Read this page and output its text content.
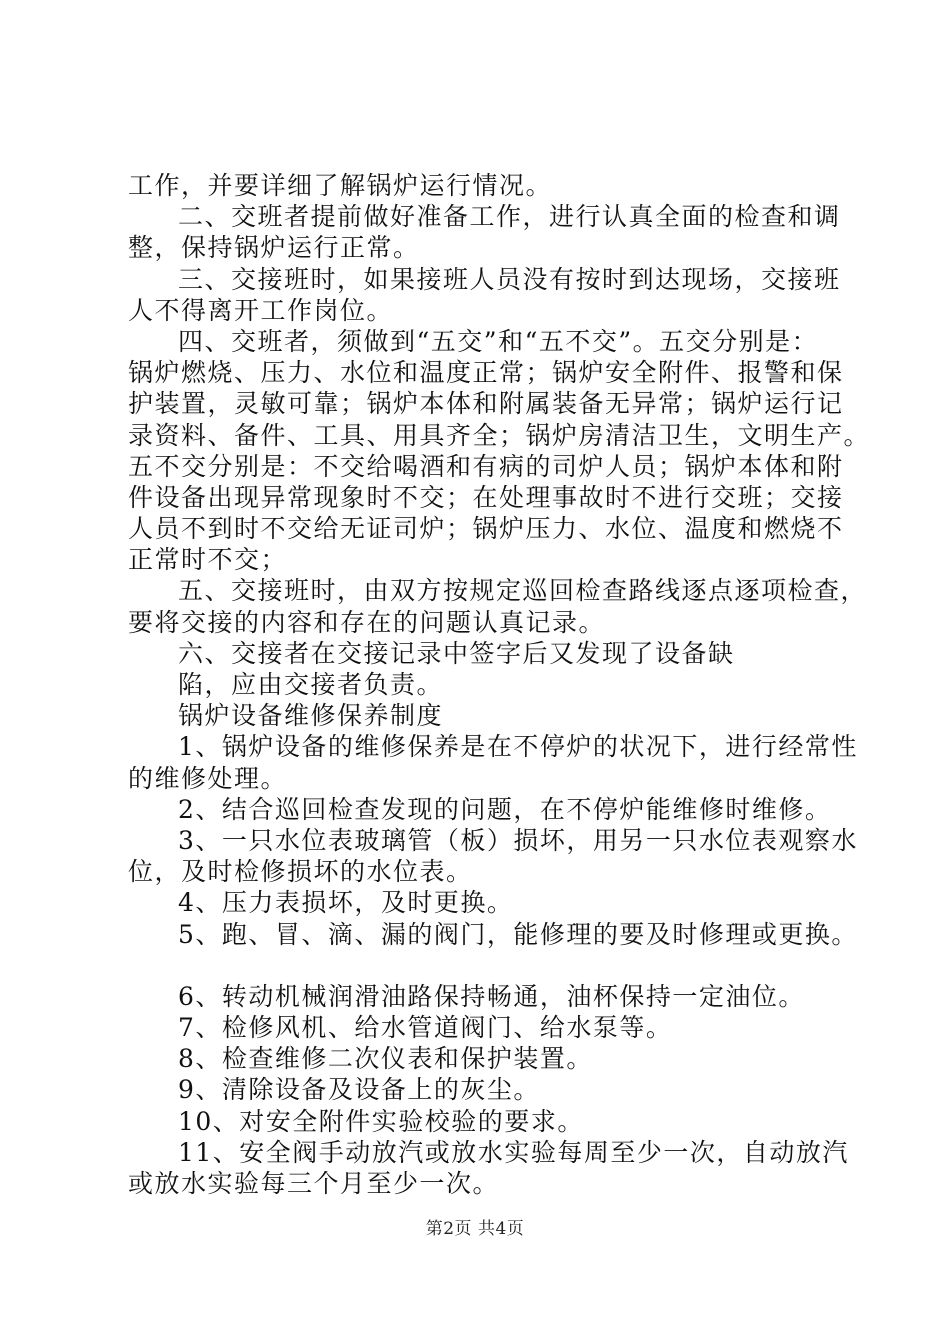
工作，并要详细了解锅炉运行情况。
二、交班者提前做好准备工作，进行认真全面的检查和调
整，保持锅炉运行正常。
三、交接班时，如果接班人员没有按时到达现场，交接班
人不得离开工作岗位。
四、交班者，须做到“五交”和“五不交”。五交分别是：
锅炉燃烧、压力、水位和温度正常；锅炉安全附件、报警和保
护装置，灵敏可靠；锅炉本体和附属装备无异常；锅炉运行记
录资料、备件、工具、用具齐全；锅炉房清洁卫生，文明生产。
五不交分别是：不交给喝酒和有病的司炉人员；锅炉本体和附
件设备出现异常现象时不交；在处理事故时不进行交班；交接
人员不到时不交给无证司炉；锅炉压力、水位、温度和燃烧不
正常时不交；
五、交接班时，由双方按规定巡回检查路线逐点逐项检查，
要将交接的内容和存在的问题认真记录。
六、交接者在交接记录中签字后又发现了设备缺
陷，应由交接者负责。
锅炉设备维修保养制度
1、锅炉设备的维修保养是在不停炉的状况下，进行经常性
的维修处理。
2、结合巡回检查发现的问题，在不停炉能维修时维修。
3、一只水位表玻璃管（板）损坏，用另一只水位表观察水
位，及时检修损坏的水位表。
4、压力表损坏，及时更换。
5、跑、冒、滴、漏的阀门，能修理的要及时修理或更换。
6、转动机械润滑油路保持畅通，油杯保持一定油位。
7、检修风机、给水管道阀门、给水泵等。
8、检查维修二次仪表和保护装置。
9、清除设备及设备上的灰尘。
10、对安全附件实验校验的要求。
11、安全阀手动放汽或放水实验每周至少一次，自动放汽
或放水实验每三个月至少一次。
第2页 共4页
